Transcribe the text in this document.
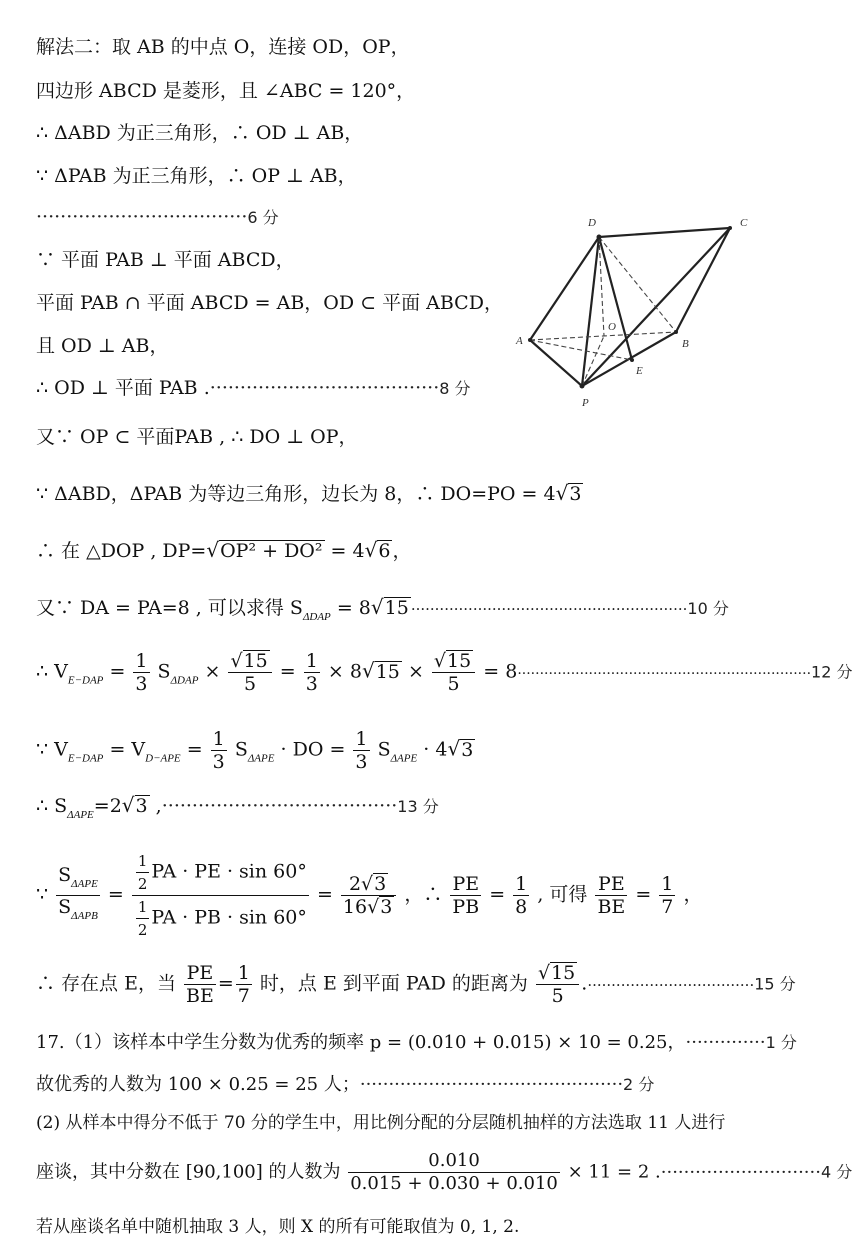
解法二：取 AB 的中点 O，连接 OD，OP，
四边形 ABCD 是菱形，且 ∠ABC = 120°，
∴ ΔABD 为正三角形，∴ OD ⊥ AB，
∵ ΔPAB 为正三角形，∴ OP ⊥ AB，
···································6 分
∵ 平面 PAB ⊥ 平面 ABCD，
平面 PAB ∩ 平面 ABCD = AB，OD ⊂ 平面 ABCD，
且 OD ⊥ AB，
∴ OD ⊥ 平面 PAB .······································8 分
又∵ OP ⊂ 平面PAB , ∴ DO ⊥ OP，
∵ ΔABD，ΔPAB 为等边三角形，边长为 8，∴ DO=PO = 4√3
∴ 在 △DOP , DP=√OP² + DO² = 4√6 ，
又∵ DA = PA=8 , 可以求得 $S_{\Delta DAP} = 8√15 \cdot\cdot\cdot\cdot\cdot\cdot\cdot\cdot\cdot\cdot\cdot\cdot\cdot\cdot\cdot\cdot\cdot\cdot\cdot\cdot\cdot\cdot\cdot\cdot\cdot\cdot\cdot\cdot\cdot\cdot\cdot\cdot\cdot\cdot\cdot\cdot\cdot\cdot\cdot\cdot\cdot\cdot\cdot\cdot\cdot\cdot\cdot\cdot\cdot\cdot\cdot\cdot\cdot\cdot\cdot\cdot\cdot\cdot 10$ 分
∴ $V_{E-DAP} = \frac{1}{3} S_{\Delta DAP} \times \frac{√15}{5} = \frac{1}{3} \times 8√15 \times \frac{√15}{5} = 8\cdot\cdot\cdot\cdot\cdot\cdot\cdot\cdot\cdot\cdot\cdot\cdot\cdot\cdot\cdot\cdot\cdot\cdot\cdot\cdot\cdot\cdot\cdot\cdot\cdot\cdot\cdot\cdot\cdot\cdot\cdot\cdot\cdot\cdot\cdot\cdot\cdot\cdot\cdot\cdot\cdot\cdot\cdot\cdot\cdot\cdot\cdot\cdot\cdot\cdot\cdot\cdot\cdot\cdot\cdot\cdot\cdot\cdot\cdot\cdot\cdot\cdot\cdot\cdot\cdot\cdot 12$ 分
∵ $V_{E-DAP} = V_{D-APE} = \frac{1}{3} S_{\Delta APE}$ · DO = $\frac{1}{3} S_{\Delta APE} \cdot 4√3$
∴ $S_{\Delta APE}=2√3$ ,·······································13 分
∵ $\frac{S_{\Delta APE}}{S_{\Delta APB}} = \frac{\frac{1}{2} PA \cdot PE \cdot \sin 60^\circ}{\frac{1}{2} PA \cdot PB \cdot \sin 60^\circ} = \frac{2√3}{16√3}$ ，∴ $\frac{PE}{PB} = \frac{1}{8}$ , 可得 $\frac{PE}{BE} = \frac{1}{7}$ ，
∴ 存在点 E，当 $\frac{PE}{BE} = \frac{1}{7}$ 时，点 E 到平面 PAD 的距离为 $\frac{√15}{5} .\cdot\cdot\cdot\cdot\cdot\cdot\cdot\cdot\cdot\cdot\cdot\cdot\cdot\cdot\cdot\cdot\cdot\cdot\cdot\cdot\cdot\cdot\cdot\cdot\cdot\cdot\cdot\cdot\cdot\cdot\cdot\cdot\cdot\cdot\cdot 15$ 分
17.（1）该样本中学生分数为优秀的频率 p = (0.010 + 0.015) × 10 = 0.25，··············1 分
故优秀的人数为 100 × 0.25 = 25 人；··············································2 分
(2) 从样本中得分不低于 70 分的学生中，用比例分配的分层随机抽样的方法选取 11 人进行
座谈，其中分数在 [90,100] 的人数为 $\frac{0.010}{0.015 + 0.030 + 0.010} \times 11 = 2$ .····························4 分
若从座谈名单中随机抽取 3 人，则 X 的所有可能取值为 0, 1, 2.
D	C
O
A	B
E
P
